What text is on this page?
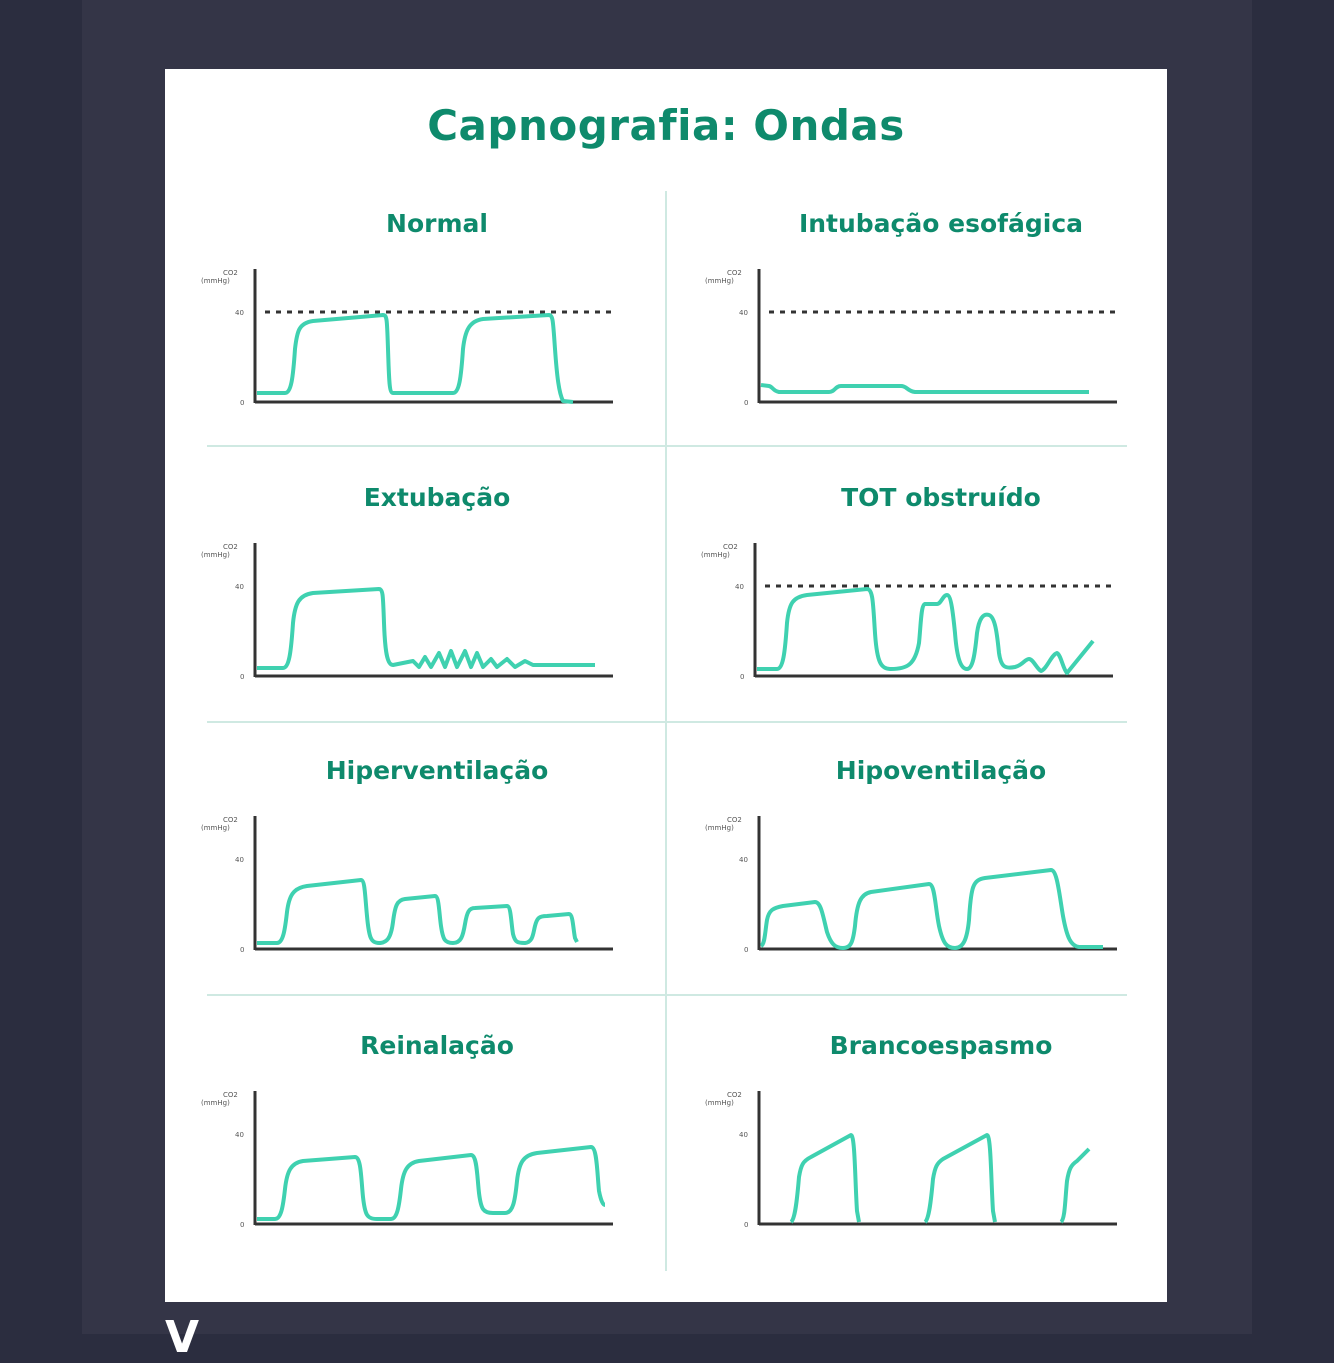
Capnografia: Ondas
Normal
CO2
(mmHg)
40
0
Intubação esofágica
CO2
(mmHg)
40
0
Extubação
CO2
(mmHg)
40
0
TOT obstruído
CO2
(mmHg)
40
0
Hiperventilação
CO2
(mmHg)
40
0
Hipoventilação
CO2
(mmHg)
40
0
Reinalação
CO2
(mmHg)
40
0
Brancoespasmo
CO2
(mmHg)
40
0
V
